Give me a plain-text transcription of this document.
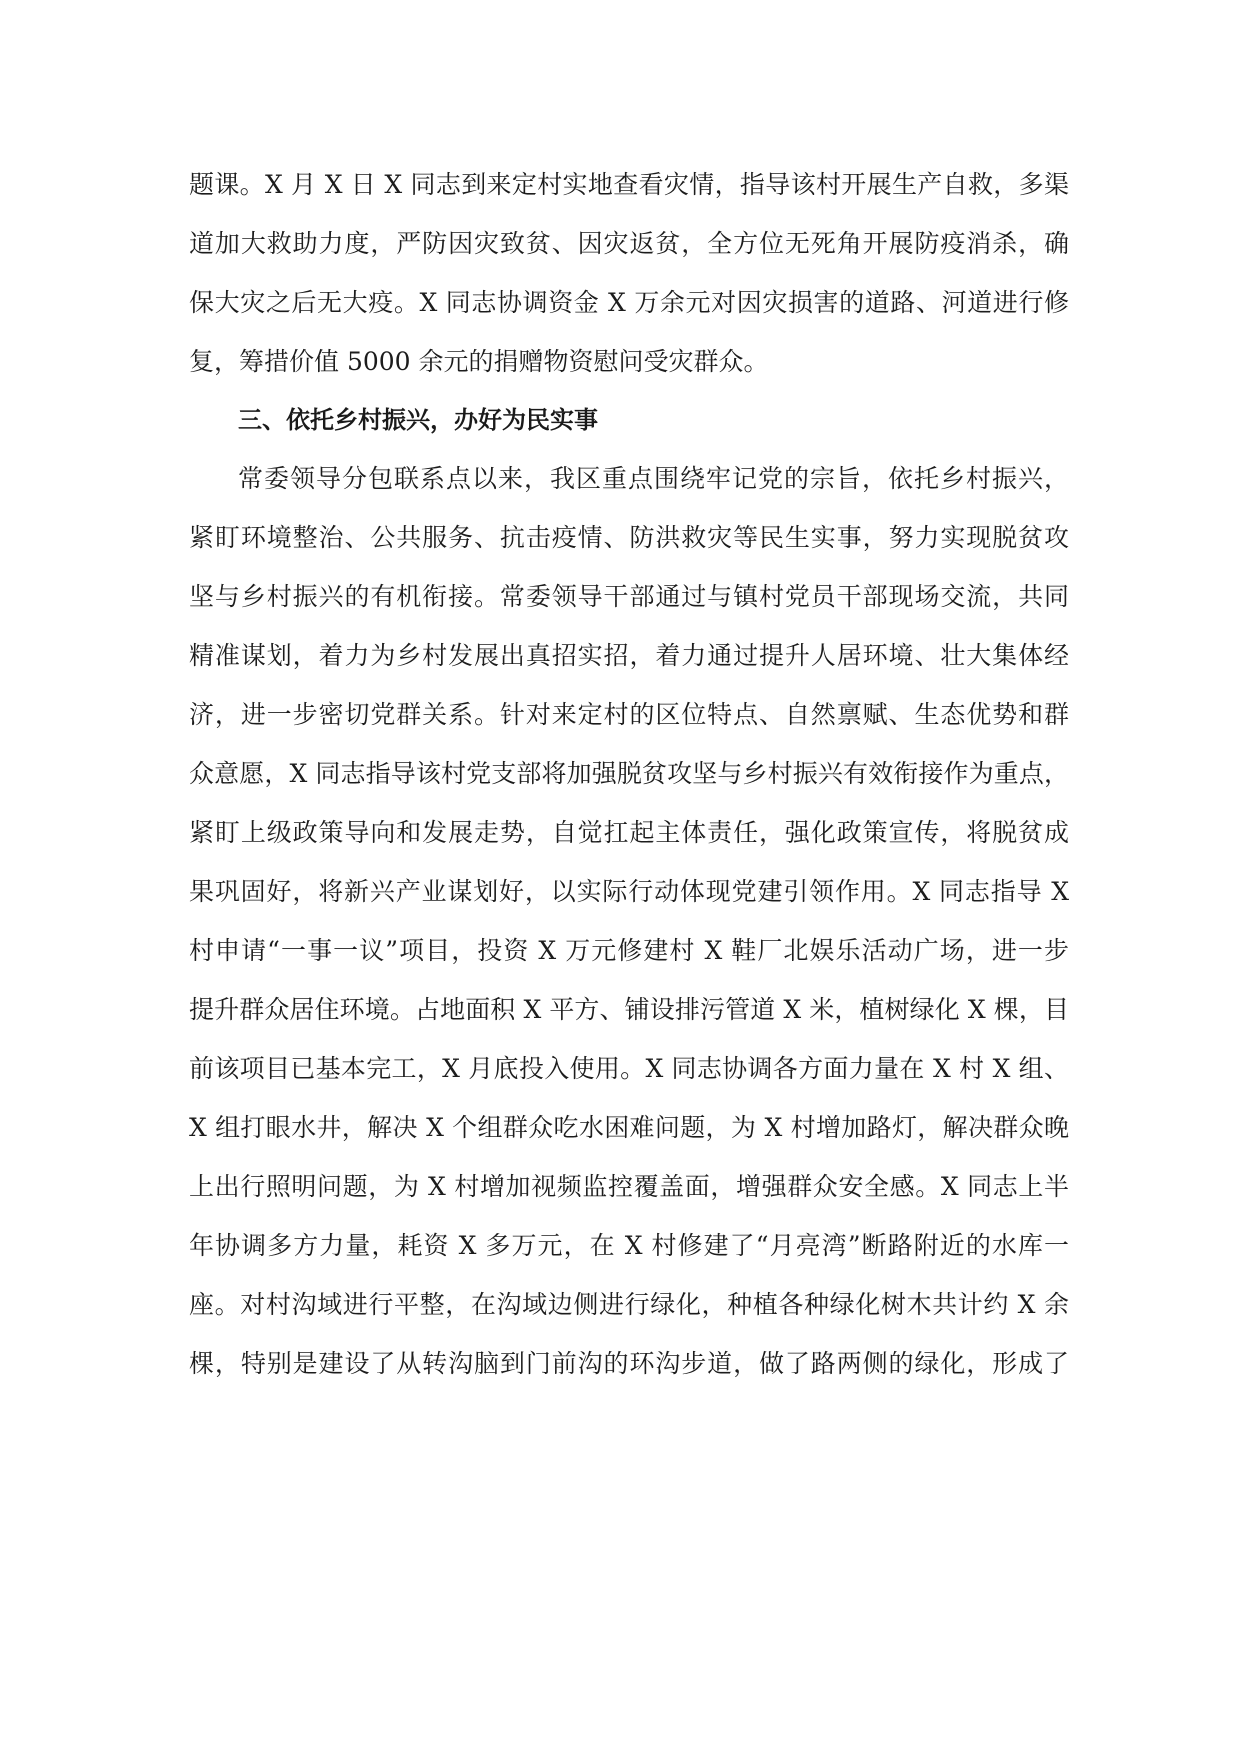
题课。X 月 X 日 X 同志到来定村实地查看灾情，指导该村开展生产自救，多渠
道加大救助力度，严防因灾致贫、因灾返贫，全方位无死角开展防疫消杀，确
保大灾之后无大疫。X 同志协调资金 X 万余元对因灾损害的道路、河道进行修
复，筹措价值 5000 余元的捐赠物资慰问受灾群众。
三、依托乡村振兴，办好为民实事
常委领导分包联系点以来，我区重点围绕牢记党的宗旨，依托乡村振兴，
紧盯环境整治、公共服务、抗击疫情、防洪救灾等民生实事，努力实现脱贫攻
坚与乡村振兴的有机衔接。常委领导干部通过与镇村党员干部现场交流，共同
精准谋划，着力为乡村发展出真招实招，着力通过提升人居环境、壮大集体经
济，进一步密切党群关系。针对来定村的区位特点、自然禀赋、生态优势和群
众意愿，X 同志指导该村党支部将加强脱贫攻坚与乡村振兴有效衔接作为重点，
紧盯上级政策导向和发展走势，自觉扛起主体责任，强化政策宣传，将脱贫成
果巩固好，将新兴产业谋划好，以实际行动体现党建引领作用。X 同志指导 X
村申请“一事一议”项目，投资 X 万元修建村 X 鞋厂北娱乐活动广场，进一步
提升群众居住环境。占地面积 X 平方、铺设排污管道 X 米，植树绿化 X 棵，目
前该项目已基本完工，X 月底投入使用。X 同志协调各方面力量在 X 村 X 组、
X 组打眼水井，解决 X 个组群众吃水困难问题，为 X 村增加路灯，解决群众晚
上出行照明问题，为 X 村增加视频监控覆盖面，增强群众安全感。X 同志上半
年协调多方力量，耗资 X 多万元，在 X 村修建了“月亮湾”断路附近的水库一
座。对村沟域进行平整，在沟域边侧进行绿化，种植各种绿化树木共计约 X 余
棵，特别是建设了从转沟脑到门前沟的环沟步道，做了路两侧的绿化，形成了
